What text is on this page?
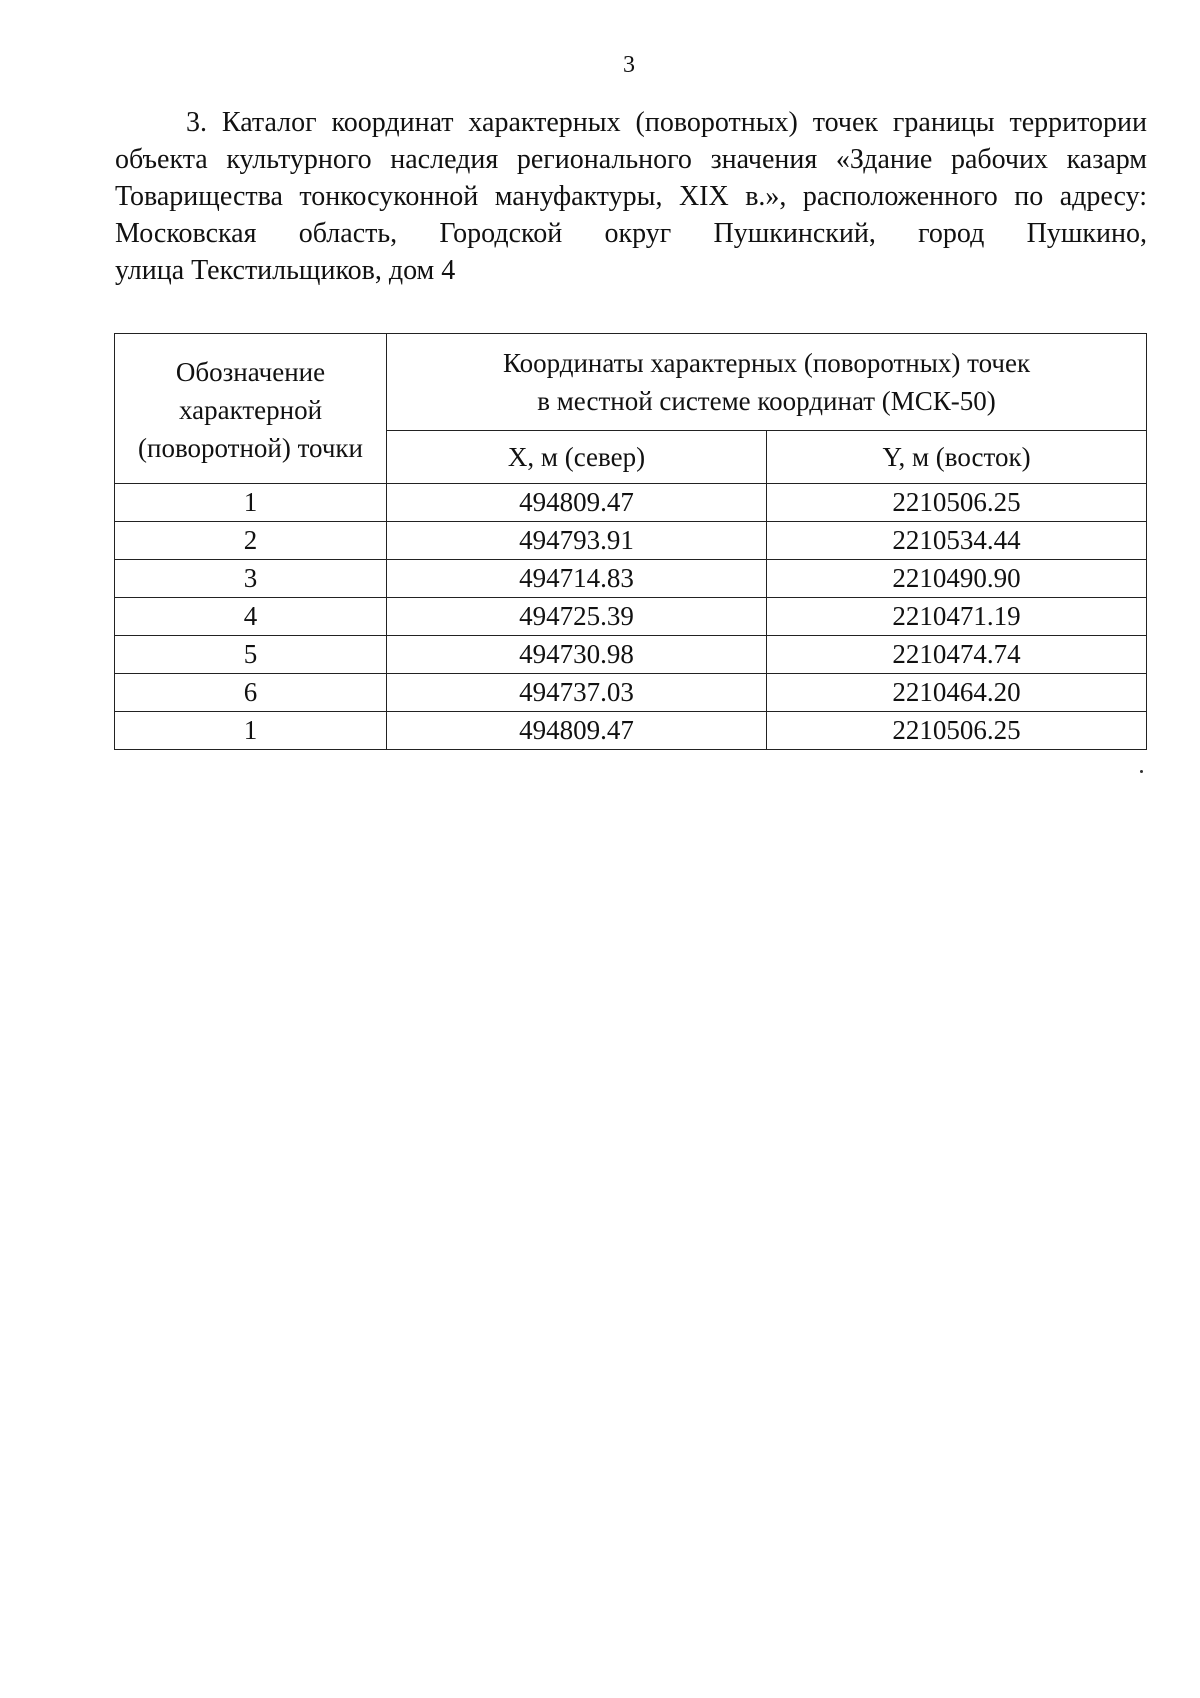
3

3. Каталог координат характерных (поворотных) точек границы территории
объекта культурного наследия регионального значения «Здание рабочих казарм
Товарищества тонкосуконной мануфактуры, XIX в.», расположенного по адресу:
Московская область, Городской округ Пушкинский, город Пушкино,
улица Текстильщиков, дом 4

Обозначение характерной (поворотной) точки	Координаты характерных (поворотных) точек
в местной системе координат (МСК-50)	
	X, м (север)	Y, м (восток)
1	494809.47	2210506.25
2	494793.91	2210534.44
3	494714.83	2210490.90
4	494725.39	2210471.19
5	494730.98	2210474.74
6	494737.03	2210464.20
1	494809.47	2210506.25
